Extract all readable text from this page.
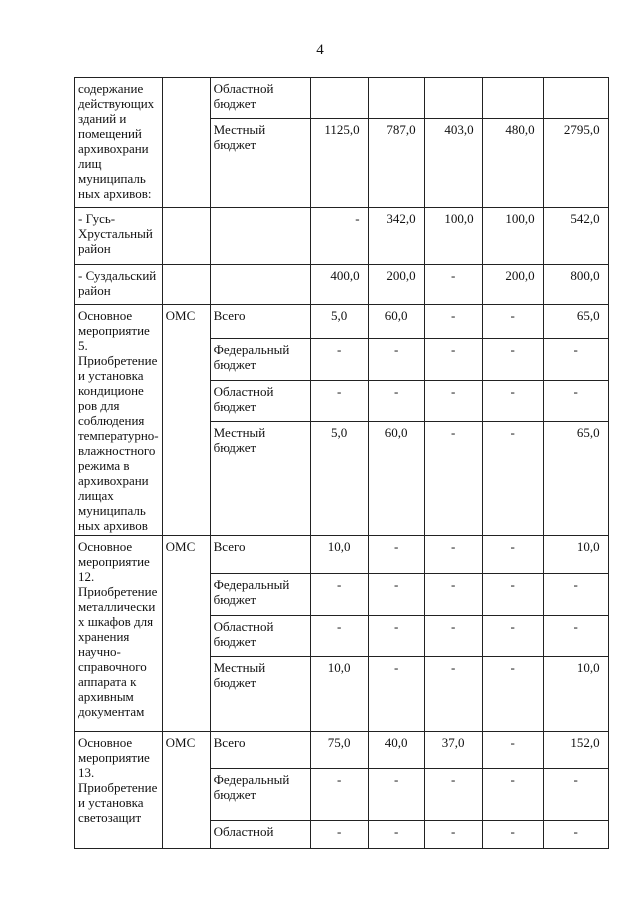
4
содержание действующих зданий и помещений архивохрани лищ муниципаль ных архивов:		Областной бюджет					
		Местный бюджет	1125,0	787,0	403,0	480,0	2795,0
- Гусь-Хрустальный район			-	342,0	100,0	100,0	542,0
- Суздальский район			400,0	200,0	-	200,0	800,0
Основное мероприятие 5. Приобретение и установка кондиционе ров для соблюдения температурно-влажностного режима в архивохрани лищах муниципаль ных архивов	ОМС	Всего	5,0	60,0	-	-	65,0
		Федеральный бюджет	-	-	-	-	-
		Областной бюджет	-	-	-	-	-
		Местный бюджет	5,0	60,0	-	-	65,0
Основное мероприятие 12. Приобретение металлически х шкафов для хранения научно-справочного аппарата к архивным документам	ОМС	Всего	10,0	-	-	-	10,0
		Федеральный бюджет	-	-	-	-	-
		Областной бюджет	-	-	-	-	-
		Местный бюджет	10,0	-	-	-	10,0
Основное мероприятие 13. Приобретение и установка светозащит	ОМС	Всего	75,0	40,0	37,0	-	152,0
		Федеральный бюджет	-	-	-	-	-
		Областной	-	-	-	-	-
